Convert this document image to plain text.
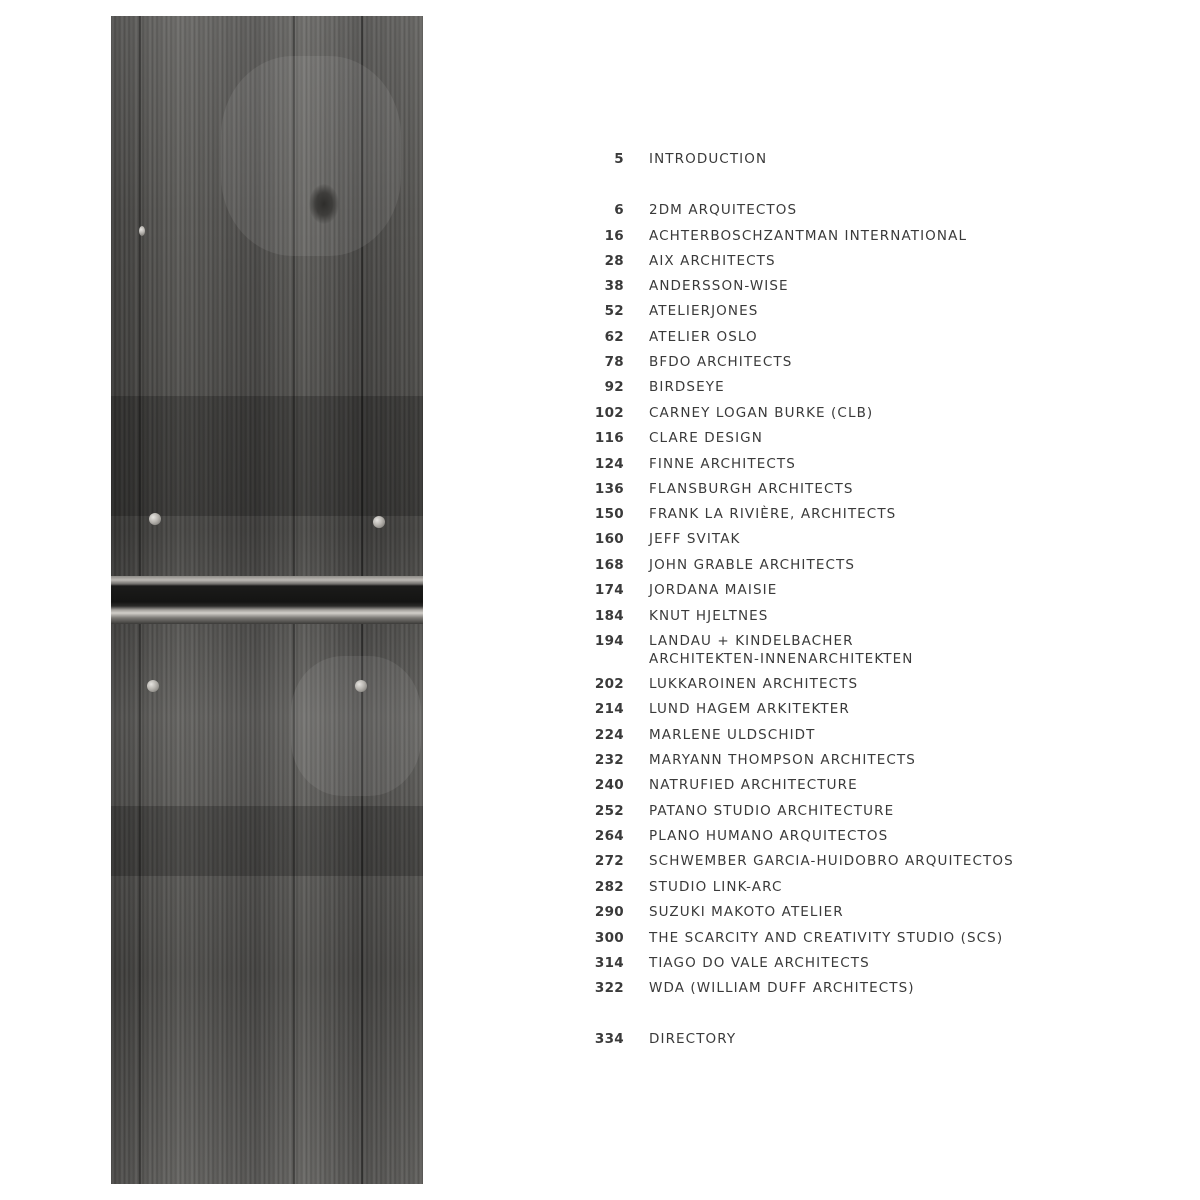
5 INTRODUCTION
6 2DM ARQUITECTOS
16 ACHTERBOSCHZANTMAN INTERNATIONAL
28 AIX ARCHITECTS
38 ANDERSSON-WISE
52 ATELIERJONES
62 ATELIER OSLO
78 BFDO ARCHITECTS
92 BIRDSEYE
102 CARNEY LOGAN BURKE (CLB)
116 CLARE DESIGN
124 FINNE ARCHITECTS
136 FLANSBURGH ARCHITECTS
150 FRANK LA RIVIÈRE, ARCHITECTS
160 JEFF SVITAK
168 JOHN GRABLE ARCHITECTS
174 JORDANA MAISIE
184 KNUT HJELTNES
194 LANDAU + KINDELBACHER
ARCHITEKTEN-INNENARCHITEKTEN
202 LUKKAROINEN ARCHITECTS
214 LUND HAGEM ARKITEKTER
224 MARLENE ULDSCHIDT
232 MARYANN THOMPSON ARCHITECTS
240 NATRUFIED ARCHITECTURE
252 PATANO STUDIO ARCHITECTURE
264 PLANO HUMANO ARQUITECTOS
272 SCHWEMBER GARCIA-HUIDOBRO ARQUITECTOS
282 STUDIO LINK-ARC
290 SUZUKI MAKOTO ATELIER
300 THE SCARCITY AND CREATIVITY STUDIO (SCS)
314 TIAGO DO VALE ARCHITECTS
322 WDA (WILLIAM DUFF ARCHITECTS)
334 DIRECTORY
